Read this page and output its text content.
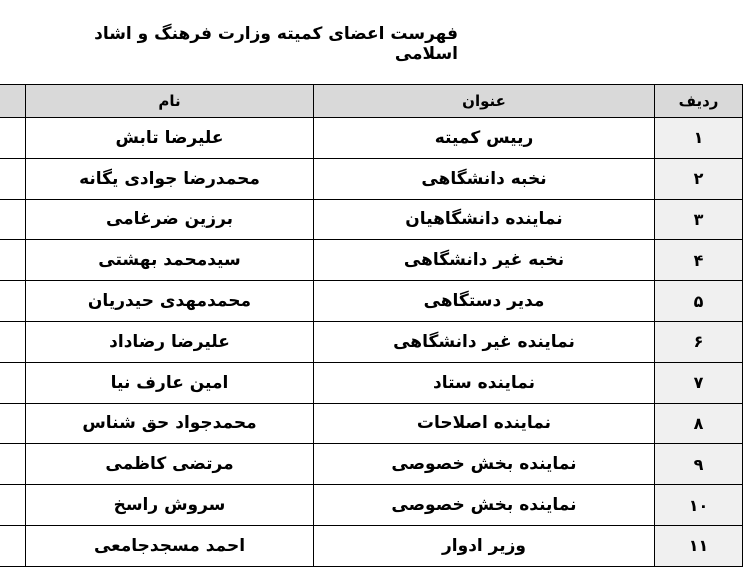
فهرست اعضای کمیته وزارت فرهنگ و اشاد اسلامی
	نام	عنوان	ردیف
	علیرضا تابش	رییس کمیته	۱
	محمدرضا جوادی یگانه	نخبه دانشگاهی	۲
	برزین ضرغامی	نماینده دانشگاهیان	۳
	سیدمحمد بهشتی	نخبه غیر دانشگاهی	۴
	محمدمهدی حیدریان	مدیر دستگاهی	۵
	علیرضا رضاداد	نماینده غیر دانشگاهی	۶
	امین عارف نیا	نماینده ستاد	۷
	محمدجواد حق شناس	نماینده اصلاحات	۸
	مرتضی کاظمی	نماینده بخش خصوصی	۹
	سروش راسخ	نماینده بخش خصوصی	۱۰
	احمد مسجدجامعی	وزیر ادوار	۱۱
